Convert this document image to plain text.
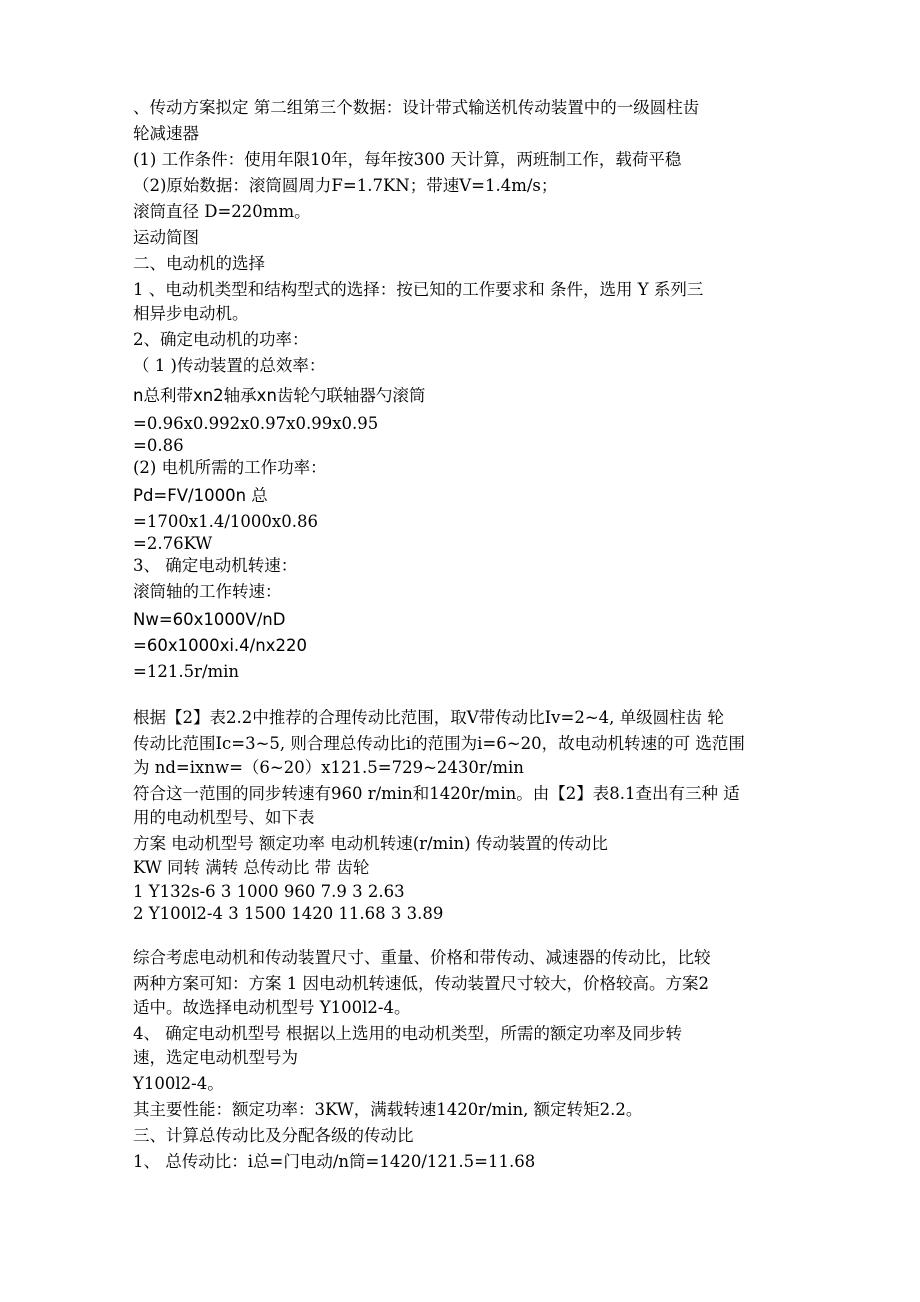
、传动方案拟定 第二组第三个数据：设计带式输送机传动装置中的一级圆柱齿
轮减速器
(1) 工作条件：使用年限10年，每年按300 天计算，两班制工作，载荷平稳
（2)原始数据：滚筒圆周力F=1.7KN；带速V=1.4m/s；
滚筒直径 D=220mm。
运动简图
二、电动机的选择
1 、电动机类型和结构型式的选择：按已知的工作要求和 条件，选用 Y 系列三
相异步电动机。
2、确定电动机的功率：
（ 1 )传动装置的总效率：
n总利带xn2轴承xn齿轮勺联轴器勺滚筒
=0.96x0.992x0.97x0.99x0.95
=0.86
(2) 电机所需的工作功率：
Pd=FV/1000n 总
=1700x1.4/1000x0.86
=2.76KW
3、 确定电动机转速：
滚筒轴的工作转速：
Nw=60x1000V/nD
=60x1000xi.4/nx220
=121.5r/min
根据【2】表2.2中推荐的合理传动比范围，取V带传动比Iv=2~4, 单级圆柱齿 轮
传动比范围Ic=3~5, 则合理总传动比i的范围为i=6~20，故电动机转速的可 选范围
为 nd=ixnw=（6~20）x121.5=729~2430r/min
符合这一范围的同步转速有960 r/min和1420r/min。由【2】表8.1查出有三种 适
用的电动机型号、如下表
方案 电动机型号 额定功率 电动机转速(r/min) 传动装置的传动比
KW 同转 满转 总传动比 带 齿轮
1 Y132s-6 3 1000 960 7.9 3 2.63
2 Y100l2-4 3 1500 1420 11.68 3 3.89
综合考虑电动机和传动装置尺寸、重量、价格和带传动、减速器的传动比，比较
两种方案可知：方案 1 因电动机转速低，传动装置尺寸较大，价格较高。方案2
适中。故选择电动机型号 Y100l2-4。
4、 确定电动机型号 根据以上选用的电动机类型，所需的额定功率及同步转
速，选定电动机型号为
Y100l2-4。
其主要性能：额定功率：3KW，满载转速1420r/min, 额定转矩2.2。
三、计算总传动比及分配各级的传动比
1、 总传动比：i总=门电动/n筒=1420/121.5=11.68
